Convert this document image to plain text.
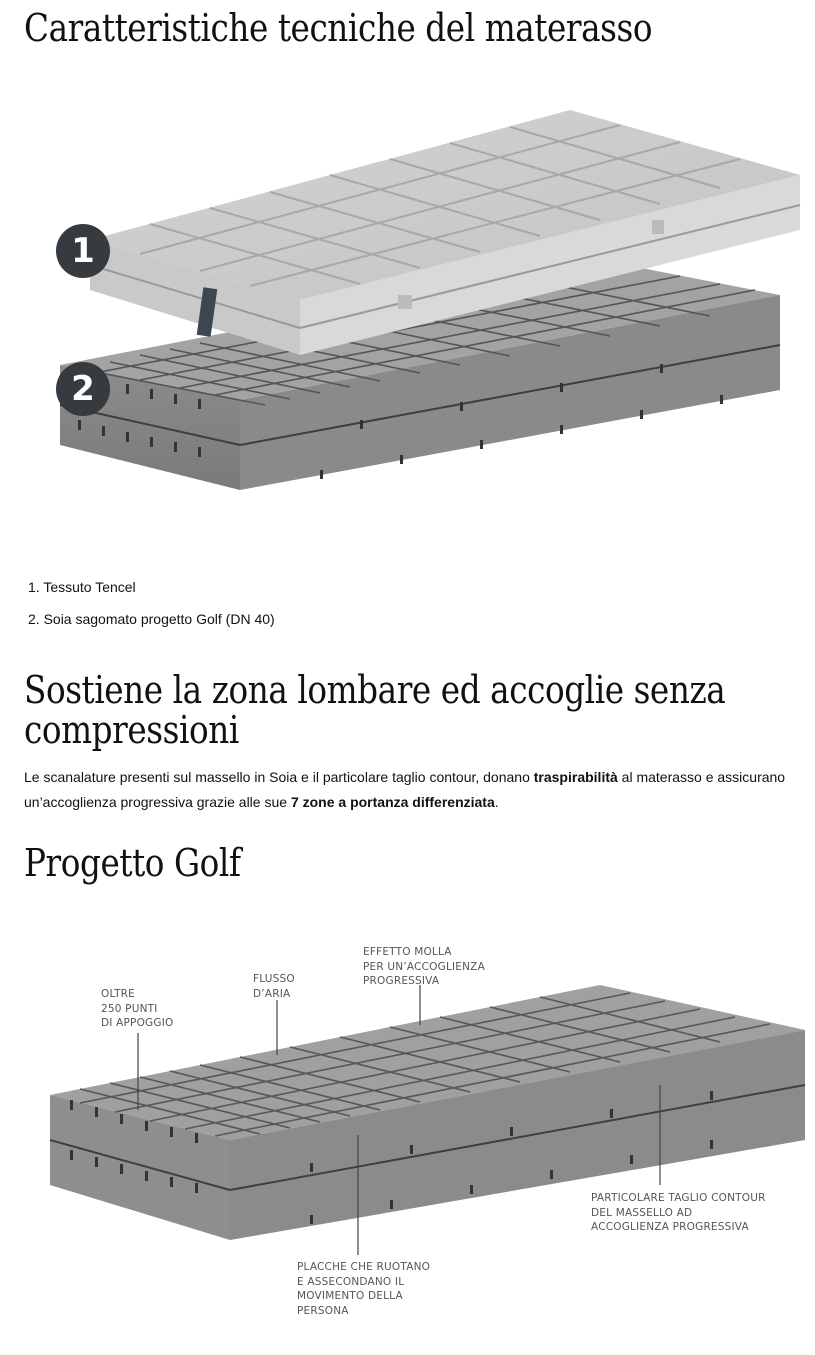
Caratteristiche tecniche del materasso
1
2
1. Tessuto Tencel
2. Soia sagomato progetto Golf (DN 40)
Sostiene la zona lombare ed accoglie senza compressioni

Le scanalature presenti sul massello in Soia e il particolare taglio contour, donano traspirabilità al materasso e assicurano un’accoglienza progressiva grazie alle sue 7 zone a portanza differenziata.

Progetto Golf
OLTRE
250 PUNTI
DI APPOGGIO
FLUSSO
D’ARIA
EFFETTO MOLLA
PER UN’ACCOGLIENZA
PROGRESSIVA
PARTICOLARE TAGLIO CONTOUR
DEL MASSELLO AD
ACCOGLIENZA PROGRESSIVA
PLACCHE CHE RUOTANO
E ASSECONDANO IL
MOVIMENTO DELLA
PERSONA
